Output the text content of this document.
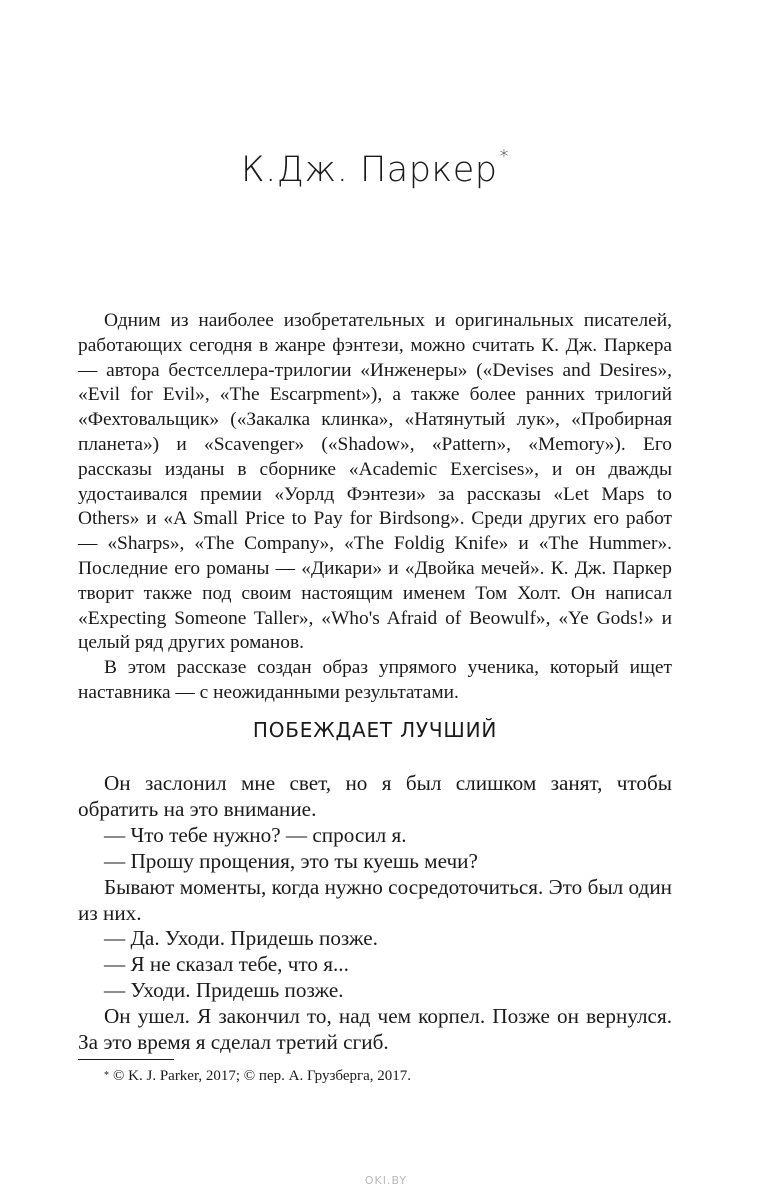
К.Дж. Паркер *

Одним из наиболее изобретательных и оригинальных писателей, работающих сегодня в жанре фэнтези, можно считать К. Дж. Паркера — автора бестселлера-трилогии «Инженеры» («Devises and Desires», «Evil for Evil», «The Escarpment»), а также более ранних трилогий «Фехтовальщик» («Закалка клинка», «Натянутый лук», «Пробирная планета») и «Scavenger» («Shadow», «Pattern», «Memory»). Его рассказы изданы в сборнике «Academic Exercises», и он дважды удостаивался премии «Уорлд Фэнтези» за рассказы «Let Maps to Others» и «A Small Price to Pay for Birdsong». Среди других его работ — «Sharps», «The Company», «The Foldig Knife» и «The Hummer». Последние его романы — «Дикари» и «Двойка мечей». К. Дж. Паркер творит также под своим настоящим именем Том Холт. Он написал «Expecting Someone Taller», «Who's Afraid of Beowulf», «Ye Gods!» и целый ряд других романов.

В этом рассказе создан образ упрямого ученика, который ищет наставника — с неожиданными результатами.

ПОБЕЖДАЕТ ЛУЧШИЙ

Он заслонил мне свет, но я был слишком занят, чтобы обратить на это внимание.

— Что тебе нужно? — спросил я.

— Прошу прощения, это ты куешь мечи?

Бывают моменты, когда нужно сосредоточиться. Это был один из них.

— Да. Уходи. Придешь позже.

— Я не сказал тебе, что я...

— Уходи. Придешь позже.

Он ушел. Я закончил то, над чем корпел. Позже он вернулся. За это время я сделал третий сгиб.

* © K. J. Parker, 2017; © пер. А. Грузберга, 2017.
OKI.BY
